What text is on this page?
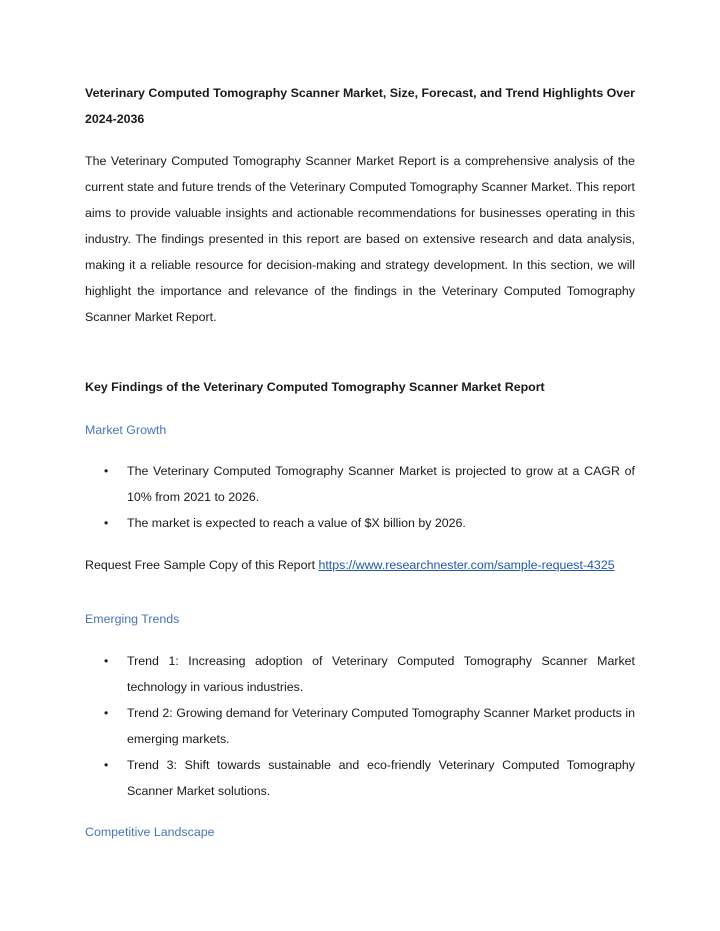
Veterinary Computed Tomography Scanner Market, Size, Forecast, and Trend Highlights Over 2024-2036
The Veterinary Computed Tomography Scanner Market Report is a comprehensive analysis of the current state and future trends of the Veterinary Computed Tomography Scanner Market. This report aims to provide valuable insights and actionable recommendations for businesses operating in this industry. The findings presented in this report are based on extensive research and data analysis, making it a reliable resource for decision-making and strategy development. In this section, we will highlight the importance and relevance of the findings in the Veterinary Computed Tomography Scanner Market Report.
Key Findings of the Veterinary Computed Tomography Scanner Market Report
Market Growth
• The Veterinary Computed Tomography Scanner Market is projected to grow at a CAGR of 10% from 2021 to 2026.
• The market is expected to reach a value of $X billion by 2026.
Request Free Sample Copy of this Report https://www.researchnester.com/sample-request-4325
Emerging Trends
• Trend 1: Increasing adoption of Veterinary Computed Tomography Scanner Market technology in various industries.
• Trend 2: Growing demand for Veterinary Computed Tomography Scanner Market products in emerging markets.
• Trend 3: Shift towards sustainable and eco-friendly Veterinary Computed Tomography Scanner Market solutions.
Competitive Landscape
